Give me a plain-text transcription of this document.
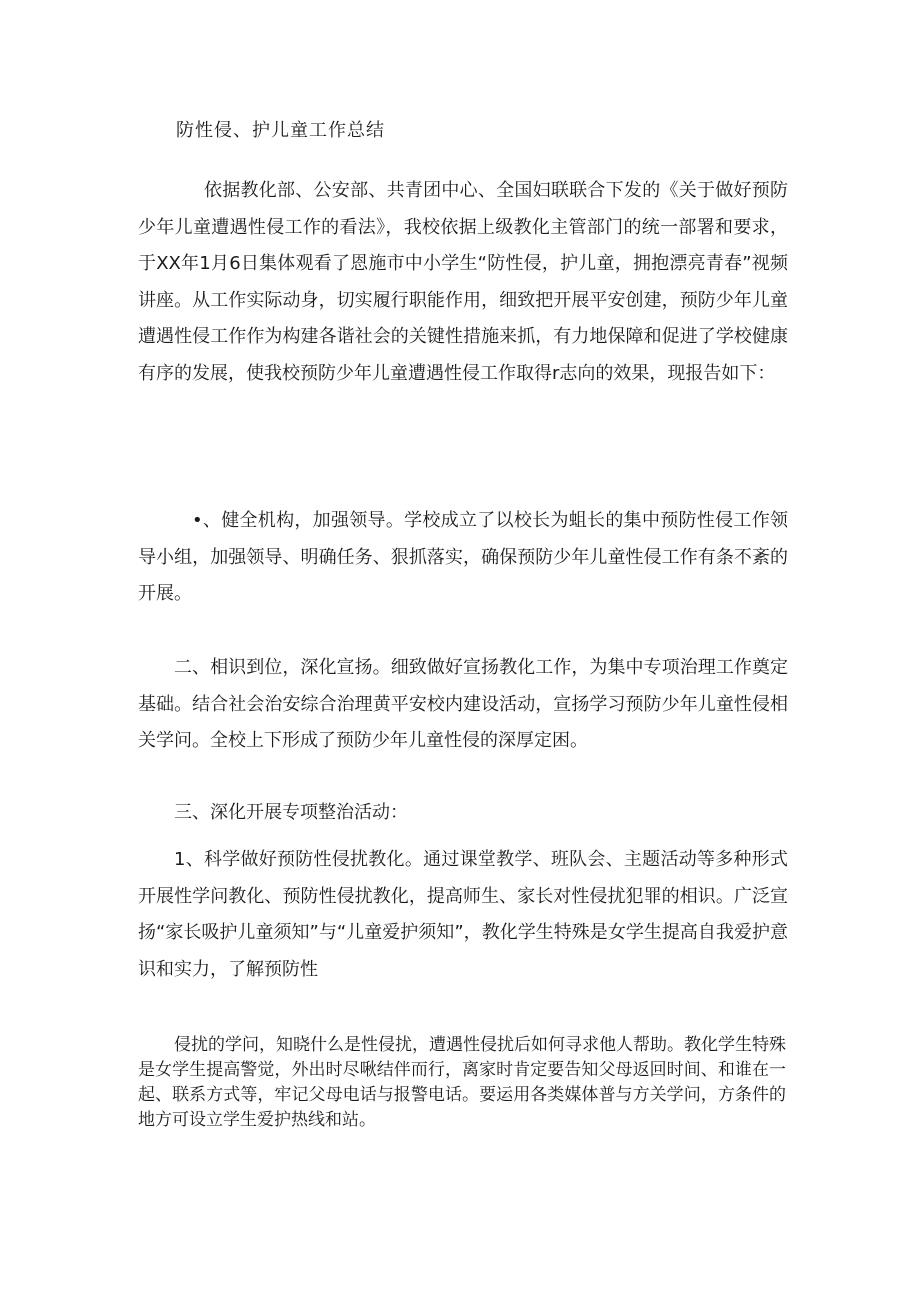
防性侵、护儿童工作总结

依据教化部、公安部、共青团中心、全国妇联联合下发的《关于做好预防少年儿童遭遇性侵工作的看法》，我校依据上级教化主管部门的统一部署和要求，于XX年1月6日集体观看了恩施市中小学生“防性侵，护儿童，拥抱漂亮青春”视频讲座。从工作实际动身，切实履行职能作用，细致把开展平安创建，预防少年儿童遭遇性侵工作作为构建各谐社会的关键性措施来抓，有力地保障和促进了学校健康有序的发展，使我校预防少年儿童遭遇性侵工作取得r志向的效果，现报告如下：

•、健全机构，加强领导。学校成立了以校长为蛆长的集中预防性侵工作领导小组，加强领导、明确任务、狠抓落实，确保预防少年儿童性侵工作有条不紊的开展。

二、相识到位，深化宣扬。细致做好宣扬教化工作，为集中专项治理工作奠定基础。结合社会治安综合治理黄平安校内建设活动，宣扬学习预防少年儿童性侵相关学问。全校上下形成了预防少年儿童性侵的深厚定困。

三、深化开展专项整治活动：

1、科学做好预防性侵扰教化。通过课堂教学、班队会、主题活动等多种形式开展性学问教化、预防性侵扰教化，提高师生、家长对性侵扰犯罪的相识。广泛宣扬“家长吸护儿童须知”与“儿童爱护须知”，教化学生特殊是女学生提高自我爱护意识和实力，了解预防性

侵扰的学问，知晓什么是性侵扰，遭遇性侵扰后如何寻求他人帮助。教化学生特殊是女学生提高警觉，外出时尽啾结伴而行，离家时肯定要告知父母返回时间、和谁在一起、联系方式等，牢记父母电话与报警电话。要运用各类媒体普与方关学问，方条件的地方可设立学生爱护热线和站。
